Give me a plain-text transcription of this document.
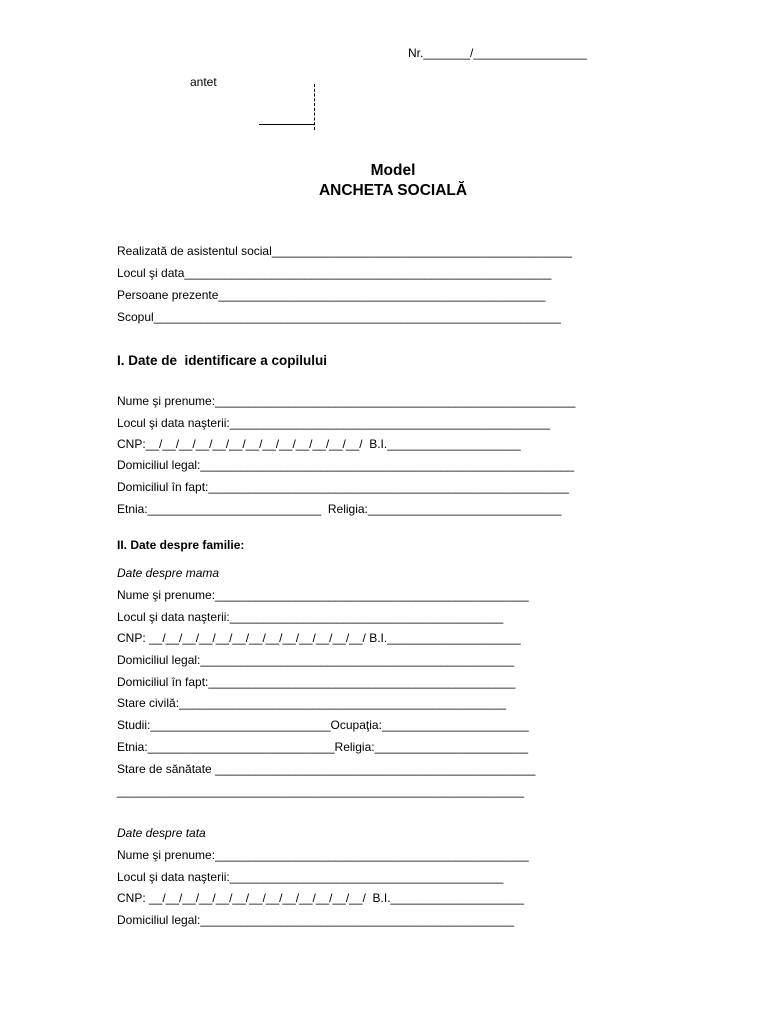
Nr._______/_________________
antet
Model
ANCHETA SOCIALĂ
Realizată de asistentul social_____________________________________________
Locul şi data_______________________________________________________
Persoane prezente_________________________________________________
Scopul_____________________________________________________________
I. Date de  identificare a copilului
Nume şi prenume:______________________________________________________
Locul şi data naşterii:________________________________________________
CNP:__/__/__/__/__/__/__/__/__/__/__/__/__/  B.I.____________________
Domiciliul legal:________________________________________________________
Domiciliul în fapt:______________________________________________________
Etnia:__________________________  Religia:_____________________________
II. Date despre familie:
Date despre mama
Nume şi prenume:_______________________________________________
Locul şi data naşterii:_________________________________________
CNP: __/__/__/__/__/__/__/__/__/__/__/__/__/ B.I.____________________
Domiciliul legal:_______________________________________________
Domiciliul în fapt:______________________________________________
Stare civilă:_________________________________________________
Studii:___________________________Ocupaţia:______________________
Etnia:____________________________Religia:_______________________
Stare de sănătate ________________________________________________
_____________________________________________________________
Date despre tata
Nume şi prenume:_______________________________________________
Locul şi data naşterii:_________________________________________
CNP: __/__/__/__/__/__/__/__/__/__/__/__/__/  B.I.____________________
Domiciliul legal:_______________________________________________
